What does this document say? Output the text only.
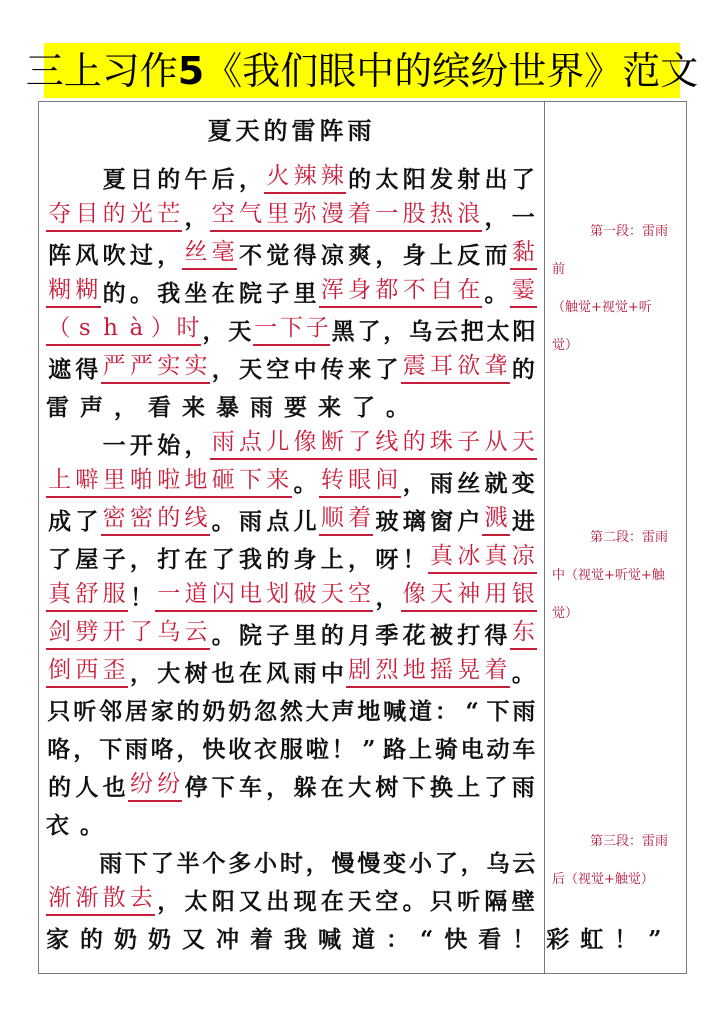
三上习作5《我们眼中的缤纷世界》范文
夏天的雷阵雨

夏 日 的 午 后 ， 火 辣 辣 的 太 阳 发 射 出 了
夺 目 的 光 芒 ， 空 气 里 弥 漫 着 一 股 热 浪 ， 一
阵 风 吹 过 ， 丝 毫 不 觉 得 凉 爽 ， 身 上 反 而 黏
糊 糊 的 。 我 坐 在 院 子 里 浑 身 都 不 自 在 。 霎
（ s h à ） 时 ， 天 一 下 子 黑 了 ， 乌 云 把 太 阳
遮 得 严 严 实 实 ， 天 空 中 传 来 了 震 耳 欲 聋 的
雷声，看来暴雨要来了。

一 开 始 ， 雨 点 儿 像 断 了 线 的 珠 子 从 天
上 噼 里 啪 啦 地 砸 下 来 。 转 眼 间 ， 雨 丝 就 变
成 了 密 密 的 线 。 雨 点 儿 顺 着 玻 璃 窗 户 溅 进
了 屋 子 ， 打 在 了 我 的 身 上 ， 呀 ！ 真 冰 真 凉
真 舒 服 ！ 一 道 闪 电 划 破 天 空 ， 像 天 神 用 银
剑 劈 开 了 乌 云 。 院 子 里 的 月 季 花 被 打 得 东
倒 西 歪 ， 大 树 也 在 风 雨 中 剧 烈 地 摇 晃 着 。
只 听 邻 居 家 的 奶 奶 忽 然 大 声 地 喊 道 ： “ 下 雨
咯 ， 下 雨 咯 ， 快 收 衣 服 啦 ！ ” 路 上 骑 电 动 车
的 人 也 纷 纷 停 下 车 ， 躲 在 大 树 下 换 上 了 雨
衣。

雨 下 了 半 个 多 小 时 ， 慢 慢 变 小 了 ， 乌 云
渐 渐 散 去 ， 太 阳 又 出 现 在 天 空 。 只 听 隔 壁
家的奶奶又冲着我喊道：“快看！彩虹！”
第一段：雷雨
前
（触觉+视觉+听
觉）
第二段：雷雨
中（视觉+听觉+触
觉）
第三段：雷雨
后（视觉+触觉）
